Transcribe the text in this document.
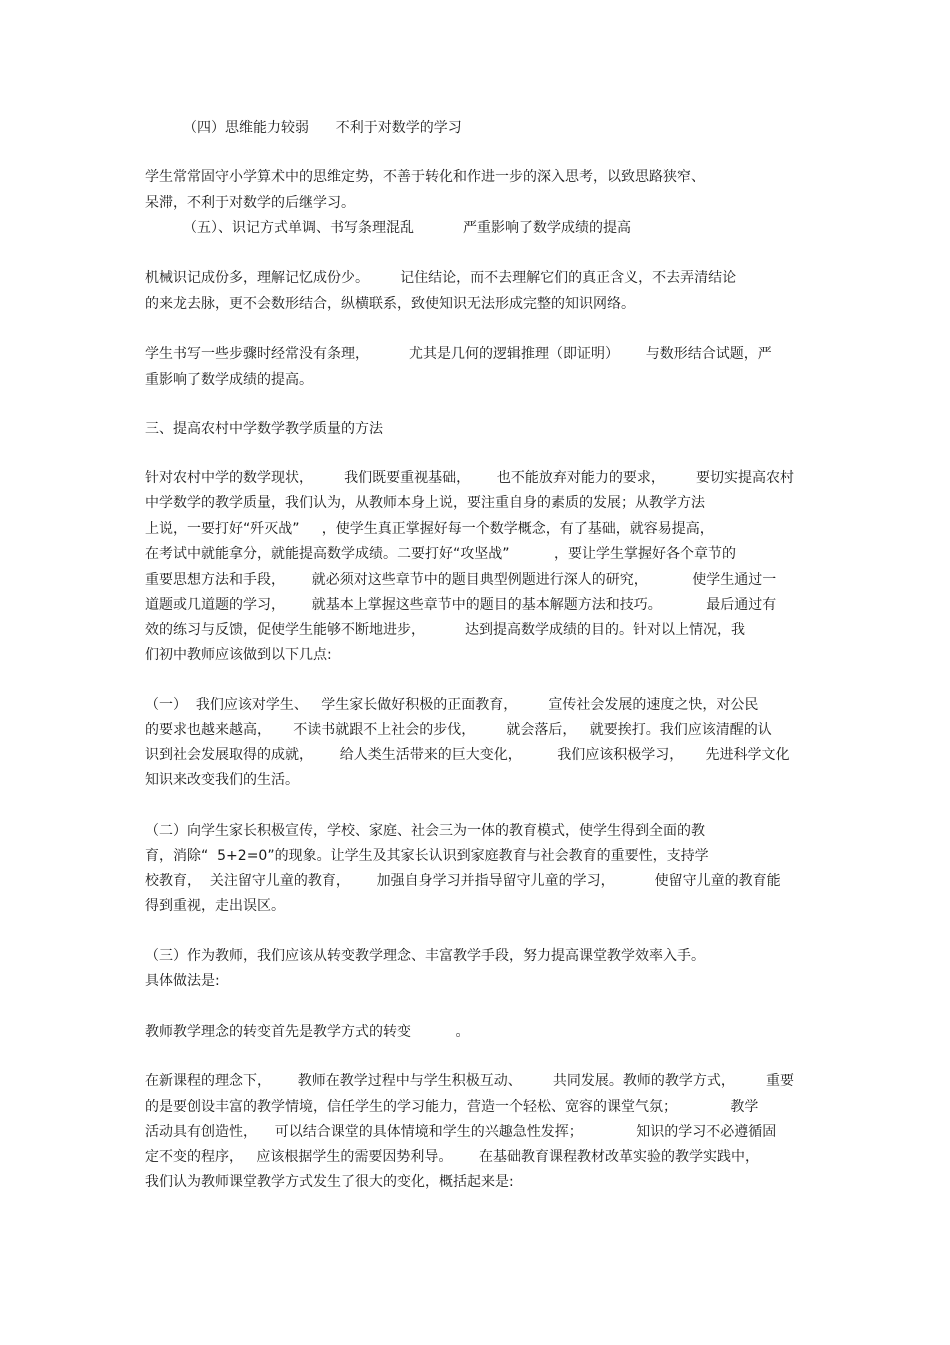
（四）思维能力较弱      不利于对数学的学习
学生常常固守小学算术中的思维定势，不善于转化和作进一步的深入思考，以致思路狭窄、
呆滞，不利于对数学的后继学习。
（五）、识记方式单调、书写条理混乱           严重影响了数学成绩的提高
机械识记成份多，理解记忆成份少。       记住结论，而不去理解它们的真正含义，不去弄清结论
的来龙去脉，更不会数形结合，纵横联系，致使知识无法形成完整的知识网络。
学生书写一些步骤时经常没有条理，         尤其是几何的逻辑推理（即证明）      与数形结合试题，严
重影响了数学成绩的提高。
三、提高农村中学数学教学质量的方法
针对农村中学的数学现状，       我们既要重视基础，      也不能放弃对能力的要求，       要切实提高农村
中学数学的教学质量，我们认为，从教师本身上说，要注重自身的素质的发展；从教学方法
上说，一要打好“歼灭战”     ，使学生真正掌握好每一个数学概念，有了基础，就容易提高，
在考试中就能拿分，就能提高数学成绩。二要打好“攻坚战”          ，要让学生掌握好各个章节的
重要思想方法和手段，      就必须对这些章节中的题目典型例题进行深人的研究，          使学生通过一
道题或几道题的学习，      就基本上掌握这些章节中的题目的基本解题方法和技巧。          最后通过有
效的练习与反馈，促使学生能够不断地进步，         达到提高数学成绩的目的。针对以上情况，我
们初中教师应该做到以下几点:
（一）  我们应该对学生、   学生家长做好积极的正面教育，       宣传社会发展的速度之快，对公民
的要求也越来越高，     不读书就跟不上社会的步伐，       就会落后，   就要挨打。我们应该清醒的认
识到社会发展取得的成就，      给人类生活带来的巨大变化，        我们应该积极学习，     先进科学文化
知识来改变我们的生活。
（二）向学生家长积极宣传，学校、家庭、社会三为一体的教育模式，使学生得到全面的教
育，消除“  5+2=0”的现象。让学生及其家长认识到家庭教育与社会教育的重要性，支持学
校教育，  关注留守儿童的教育，      加强自身学习并指导留守儿童的学习，         使留守儿童的教育能
得到重视，走出误区。
（三）作为教师，我们应该从转变教学理念、丰富教学手段，努力提高课堂教学效率入手。
具体做法是:
教师教学理念的转变首先是教学方式的转变          。
在新课程的理念下，      教师在教学过程中与学生积极互动、       共同发展。教师的教学方式，       重要
的是要创设丰富的教学情境，信任学生的学习能力，营造一个轻松、宽容的课堂气氛；            教学
活动具有创造性，    可以结合课堂的具体情境和学生的兴趣急性发挥；            知识的学习不必遵循固
定不变的程序，   应该根据学生的需要因势利导。      在基础教育课程教材改革实验的教学实践中，
我们认为教师课堂教学方式发生了很大的变化，概括起来是:
